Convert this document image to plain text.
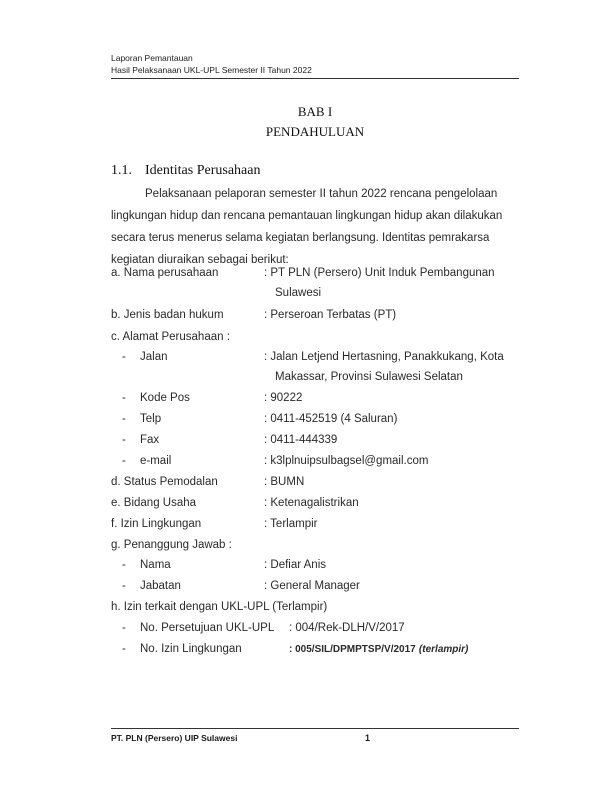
Laporan Pemantauan
Hasil Pelaksanaan UKL-UPL Semester II Tahun 2022
BAB I
PENDAHULUAN
1.1. Identitas Perusahaan
Pelaksanaan pelaporan semester II tahun 2022 rencana pengelolaan
lingkungan hidup dan rencana pemantauan lingkungan hidup akan dilakukan
secara terus menerus selama kegiatan berlangsung. Identitas pemrakarsa
kegiatan diuraikan sebagai berikut:
a. Nama perusahaan	: PT PLN (Persero) Unit Induk Pembangunan
Sulawesi
b. Jenis badan hukum	: Perseroan Terbatas (PT)
c. Alamat Perusahaan :
- Jalan	: Jalan Letjend Hertasning, Panakkukang, Kota
Makassar, Provinsi Sulawesi Selatan
- Kode Pos	: 90222
- Telp	: 0411-452519 (4 Saluran)
- Fax	: 0411-444339
- e-mail	: k3lplnuipsulbagsel@gmail.com
d. Status Pemodalan	: BUMN
e. Bidang Usaha	: Ketenagalistrikan
f. Izin Lingkungan	: Terlampir
g. Penanggung Jawab :
- Nama	: Defiar Anis
- Jabatan	: General Manager
h. Izin terkait dengan UKL-UPL (Terlampir)
- No. Persetujuan UKL-UPL : 004/Rek-DLH/V/2017
- No. Izin Lingkungan	: 005/SIL/DPMPTSP/V/2017 (terlampir)
PT. PLN (Persero) UIP Sulawesi	1
